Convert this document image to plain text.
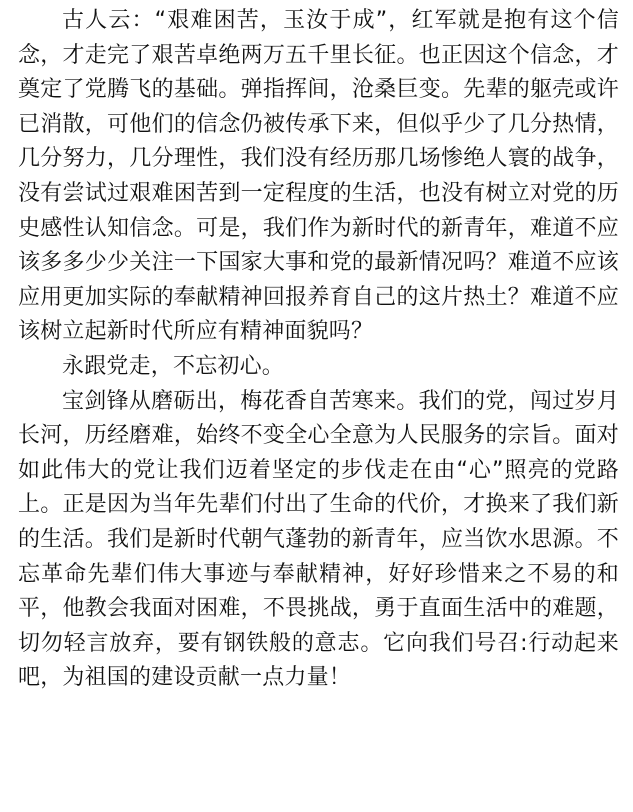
古人云：“艰难困苦，玉汝于成”，红军就是抱有这个信念，才走完了艰苦卓绝两万五千里长征。也正因这个信念，才奠定了党腾飞的基础。弹指挥间，沧桑巨变。先辈的躯壳或许已消散，可他们的信念仍被传承下来，但似乎少了几分热情，几分努力，几分理性，我们没有经历那几场惨绝人寰的战争，没有尝试过艰难困苦到一定程度的生活，也没有树立对党的历史感性认知信念。可是，我们作为新时代的新青年，难道不应该多多少少关注一下国家大事和党的最新情况吗？难道不应该应用更加实际的奉献精神回报养育自己的这片热土？难道不应该树立起新时代所应有精神面貌吗？

永跟党走，不忘初心。

宝剑锋从磨砺出，梅花香自苦寒来。我们的党，闯过岁月长河，历经磨难，始终不变全心全意为人民服务的宗旨。面对如此伟大的党让我们迈着坚定的步伐走在由“心”照亮的党路上。正是因为当年先辈们付出了生命的代价，才换来了我们新的生活。我们是新时代朝气蓬勃的新青年，应当饮水思源。不忘革命先辈们伟大事迹与奉献精神，好好珍惜来之不易的和平，他教会我面对困难，不畏挑战，勇于直面生活中的难题，切勿轻言放弃，要有钢铁般的意志。它向我们号召:行动起来吧，为祖国的建设贡献一点力量！
